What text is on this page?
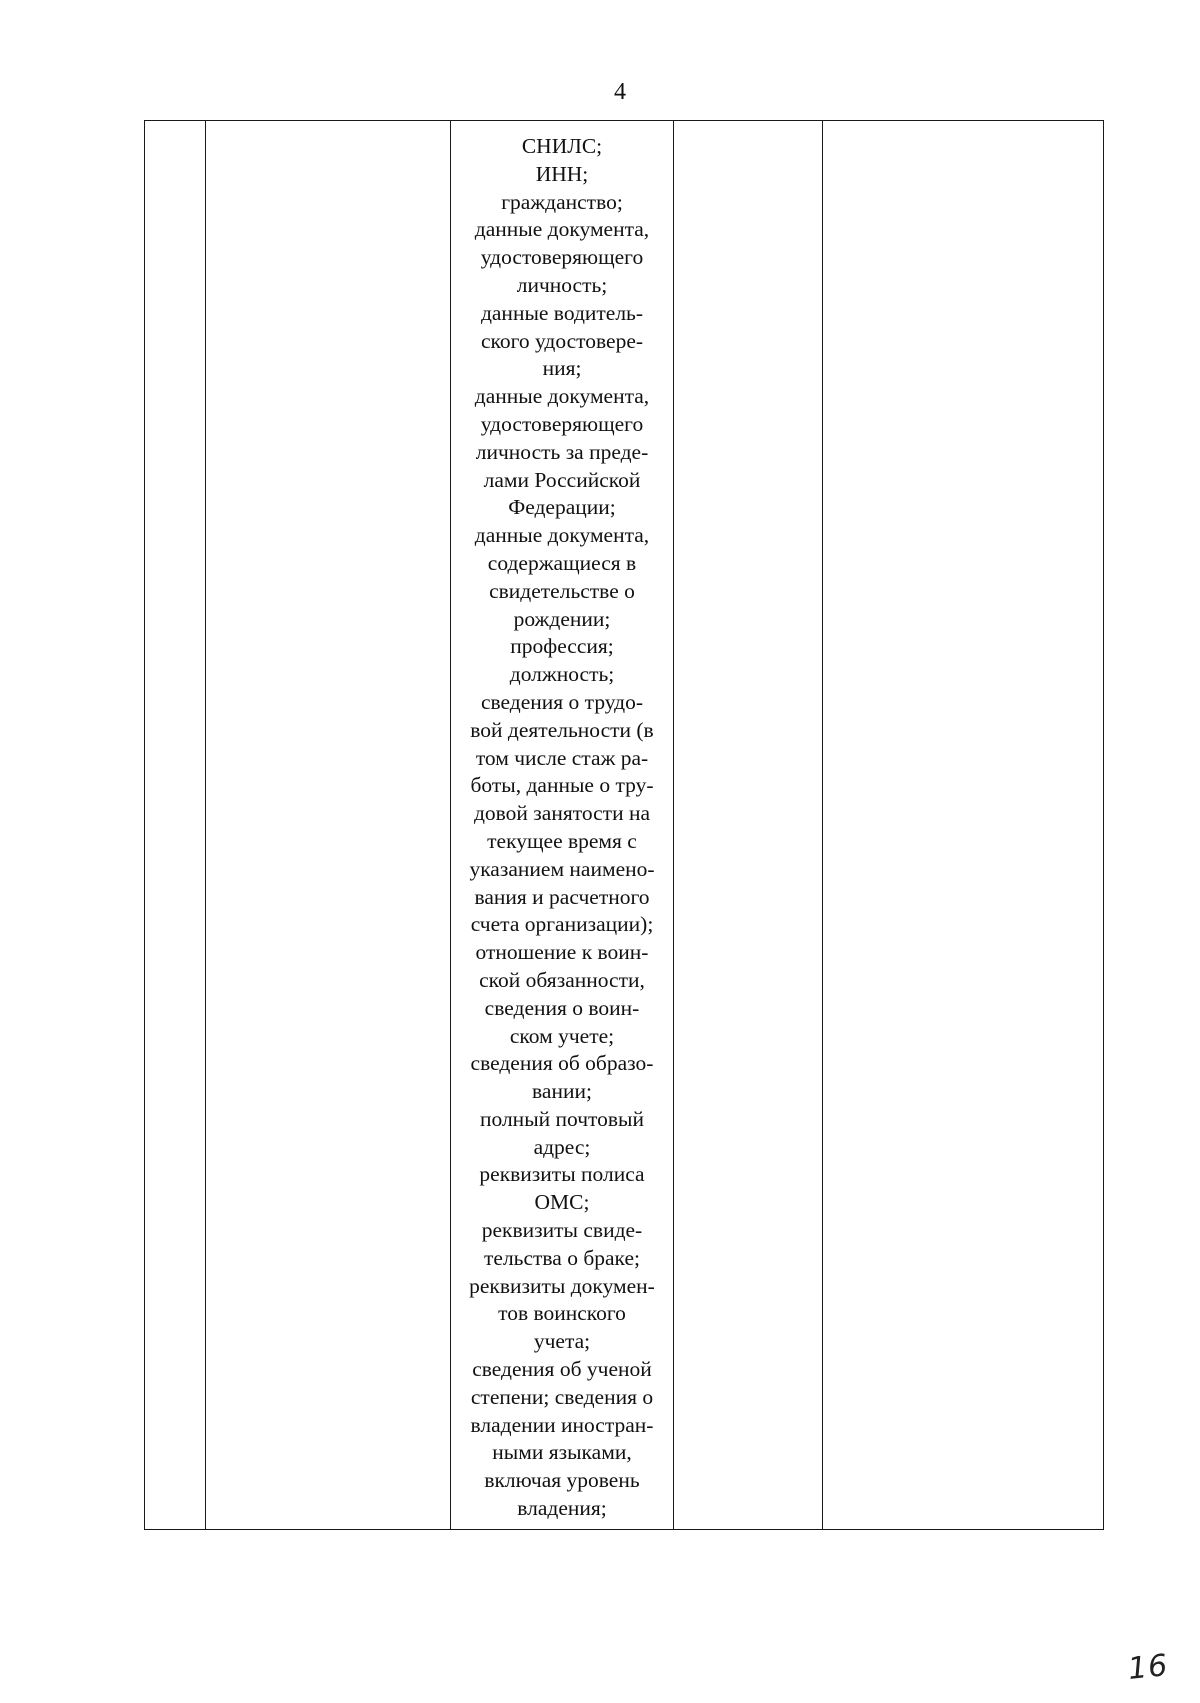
4

СНИЛС;
ИНН;
гражданство;
данные документа,
удостоверяющего
личность;
данные водитель-
ского удостовере-
ния;
данные документа,
удостоверяющего
личность за преде-
лами Российской
Федерации;
данные документа,
содержащиеся в
свидетельстве о
рождении;
профессия;
должность;
сведения о трудо-
вой деятельности (в
том числе стаж ра-
боты, данные о тру-
довой занятости на
текущее время с
указанием наимено-
вания и расчетного
счета организации);
отношение к воин-
ской обязанности,
сведения о воин-
ском учете;
сведения об образо-
вании;
полный почтовый
адрес;
реквизиты полиса
ОМС;
реквизиты свиде-
тельства о браке;
реквизиты докумен-
тов воинского
учета;
сведения об ученой
степени; сведения о
владении иностран-
ными языками,
включая уровень
владения;

16
